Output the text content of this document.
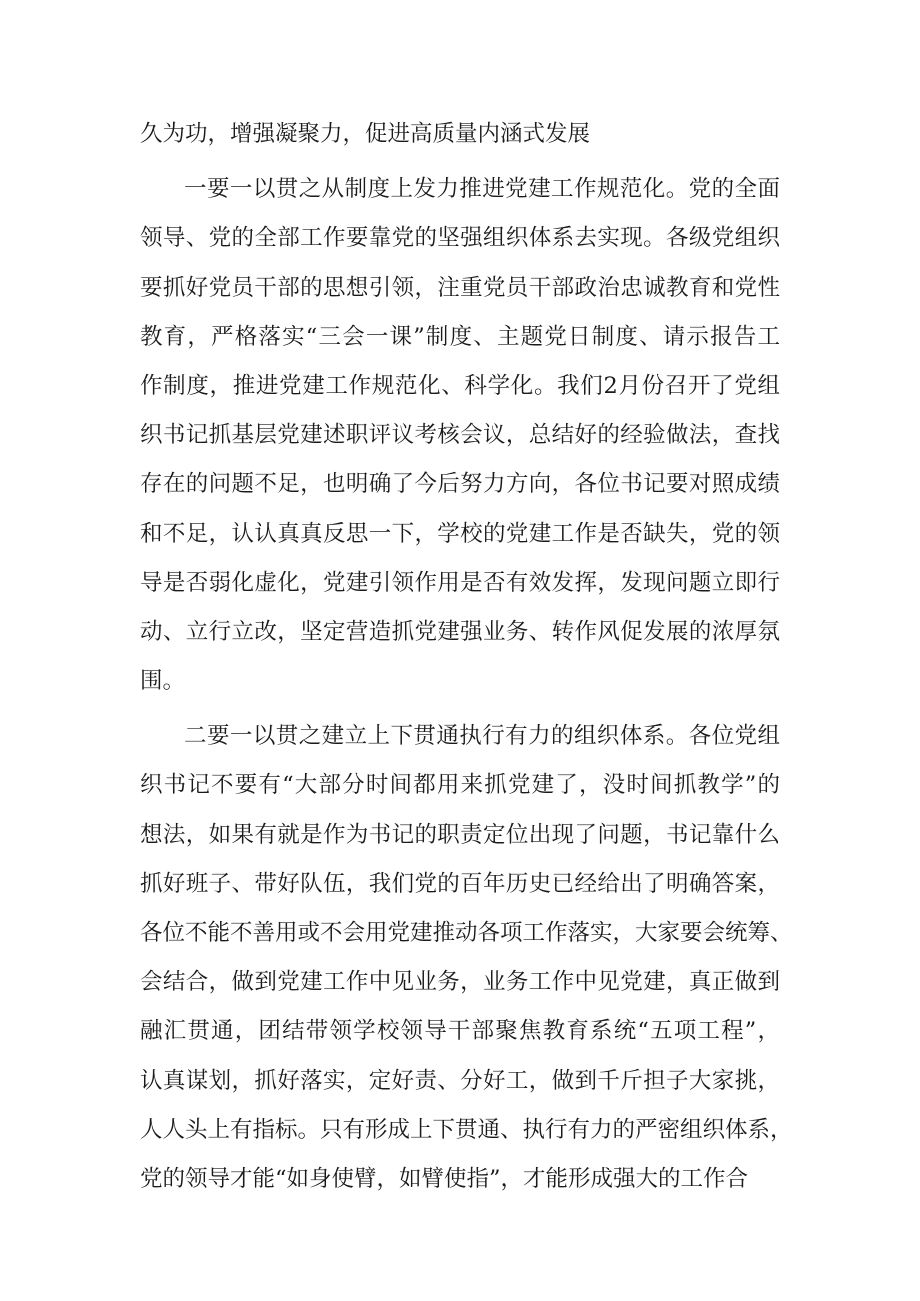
久为功，增强凝聚力，促进高质量内涵式发展
一要一以贯之从制度上发力推进党建工作规范化。党的全面
领导、党的全部工作要靠党的坚强组织体系去实现。各级党组织
要抓好党员干部的思想引领，注重党员干部政治忠诚教育和党性
教育，严格落实“三会一课”制度、主题党日制度、请示报告工
作制度，推进党建工作规范化、科学化。我们2月份召开了党组
织书记抓基层党建述职评议考核会议，总结好的经验做法，查找
存在的问题不足，也明确了今后努力方向，各位书记要对照成绩
和不足，认认真真反思一下，学校的党建工作是否缺失，党的领
导是否弱化虚化，党建引领作用是否有效发挥，发现问题立即行
动、立行立改，坚定营造抓党建强业务、转作风促发展的浓厚氛
围。
二要一以贯之建立上下贯通执行有力的组织体系。各位党组
织书记不要有“大部分时间都用来抓党建了，没时间抓教学”的
想法，如果有就是作为书记的职责定位出现了问题，书记靠什么
抓好班子、带好队伍，我们党的百年历史已经给出了明确答案，
各位不能不善用或不会用党建推动各项工作落实，大家要会统筹、
会结合，做到党建工作中见业务，业务工作中见党建，真正做到
融汇贯通，团结带领学校领导干部聚焦教育系统“五项工程”，
认真谋划，抓好落实，定好责、分好工，做到千斤担子大家挑，
人人头上有指标。只有形成上下贯通、执行有力的严密组织体系，
党的领导才能“如身使臂，如臂使指”，才能形成强大的工作合
